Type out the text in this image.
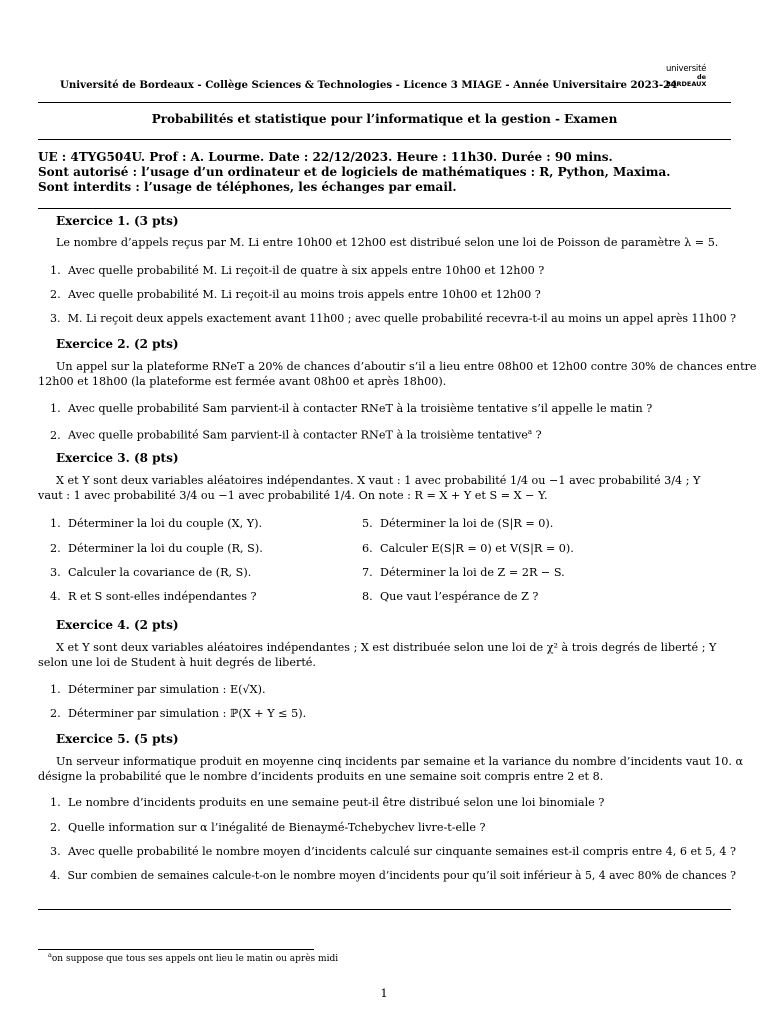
Université de Bordeaux - Collège Sciences & Technologies - Licence 3 MIAGE - Année Universitaire 2023-24
université
de BORDEAUX
Probabilités et statistique pour l’informatique et la gestion - Examen
UE : 4TYG504U. Prof : A. Lourme. Date : 22/12/2023. Heure : 11h30. Durée : 90 mins.
Sont autorisé : l’usage d’un ordinateur et de logiciels de mathématiques : R, Python, Maxima.
Sont interdits : l’usage de téléphones, les échanges par email.
Exercice 1. (3 pts)
Le nombre d’appels reçus par M. Li entre 10h00 et 12h00 est distribué selon une loi de Poisson de paramètre λ = 5.
1. Avec quelle probabilité M. Li reçoit-il de quatre à six appels entre 10h00 et 12h00 ?
2. Avec quelle probabilité M. Li reçoit-il au moins trois appels entre 10h00 et 12h00 ?
3. M. Li reçoit deux appels exactement avant 11h00 ; avec quelle probabilité recevra-t-il au moins un appel après 11h00 ?
Exercice 2. (2 pts)
Un appel sur la plateforme RNeT a 20% de chances d’aboutir s’il a lieu entre 08h00 et 12h00 contre 30% de chances entre
12h00 et 18h00 (la plateforme est fermée avant 08h00 et après 18h00).
1. Avec quelle probabilité Sam parvient-il à contacter RNeT à la troisième tentative s’il appelle le matin ?
2. Avec quelle probabilité Sam parvient-il à contacter RNeT à la troisième tentative$^a$ ?
Exercice 3. (8 pts)
X et Y sont deux variables aléatoires indépendantes. X vaut : 1 avec probabilité 1/4 ou −1 avec probabilité 3/4 ; Y
vaut : 1 avec probabilité 3/4 ou −1 avec probabilité 1/4. On note : R = X + Y et S = X − Y.
1. Déterminer la loi du couple (X, Y).
2. Déterminer la loi du couple (R, S).
3. Calculer la covariance de (R, S).
4. R et S sont-elles indépendantes ?
5. Déterminer la loi de (S|R = 0).
6. Calculer E(S|R = 0) et V(S|R = 0).
7. Déterminer la loi de Z = 2R − S.
8. Que vaut l’espérance de Z ?
Exercice 4. (2 pts)
X et Y sont deux variables aléatoires indépendantes ; X est distribuée selon une loi de χ² à trois degrés de liberté ; Y
selon une loi de Student à huit degrés de liberté.
1. Déterminer par simulation : E(√X).
2. Déterminer par simulation : ℙ(X + Y ≤ 5).
Exercice 5. (5 pts)
Un serveur informatique produit en moyenne cinq incidents par semaine et la variance du nombre d’incidents vaut 10. α
désigne la probabilité que le nombre d’incidents produits en une semaine soit compris entre 2 et 8.
1. Le nombre d’incidents produits en une semaine peut-il être distribué selon une loi binomiale ?
2. Quelle information sur α l’inégalité de Bienaymé-Tchebychev livre-t-elle ?
3. Avec quelle probabilité le nombre moyen d’incidents calculé sur cinquante semaines est-il compris entre 4, 6 et 5, 4 ?
4. Sur combien de semaines calcule-t-on le nombre moyen d’incidents pour qu’il soit inférieur à 5, 4 avec 80% de chances ?
$^a$on suppose que tous ses appels ont lieu le matin ou après midi
1
